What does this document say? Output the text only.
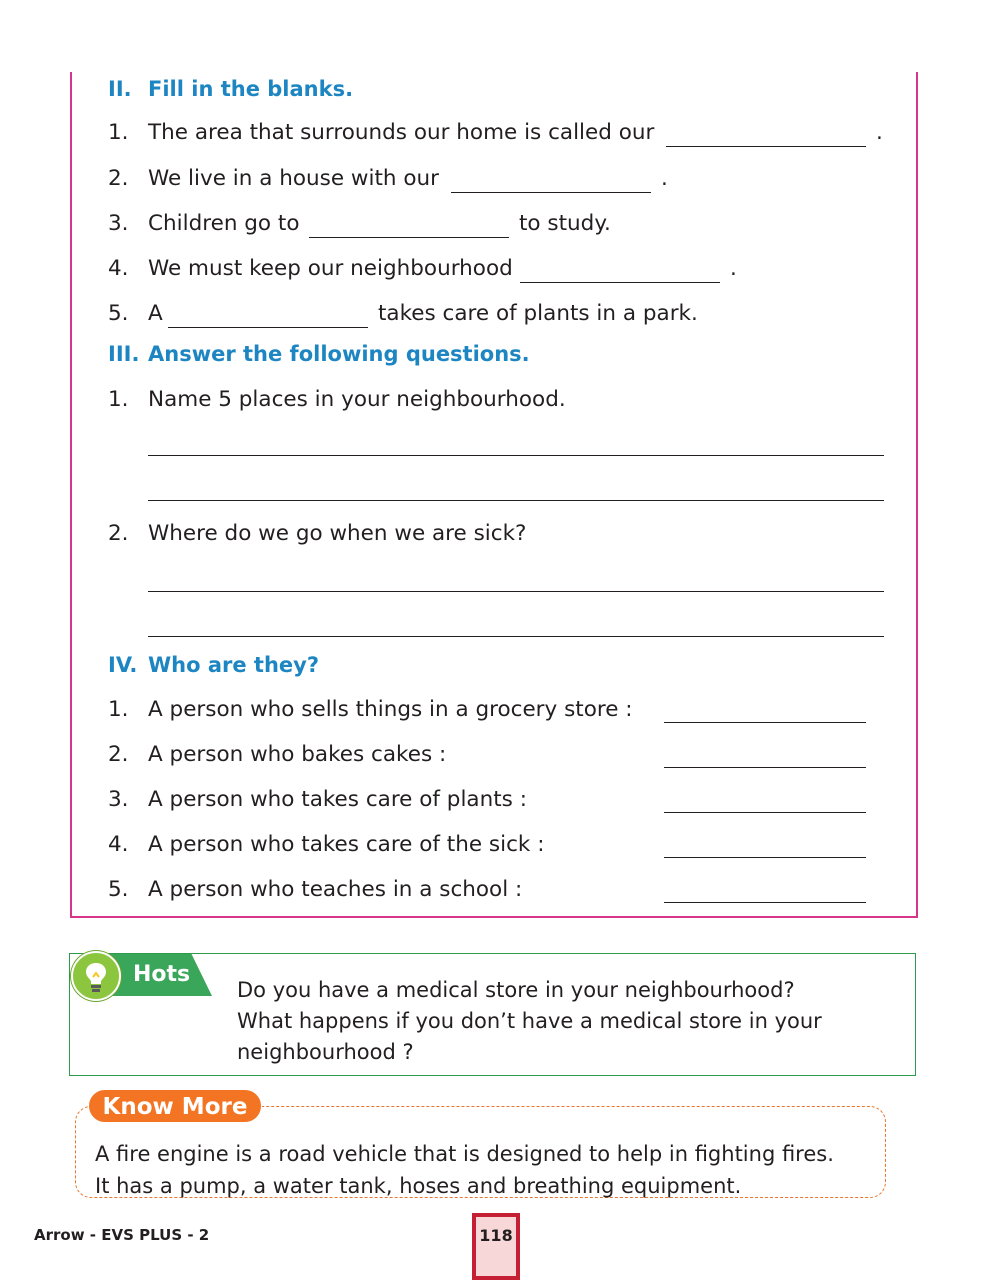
II. Fill in the blanks.
1. The area that surrounds our home is called our	.
2. We live in a house with our	.
3. Children go to	to study.
4. We must keep our neighbourhood	.
5. A	takes care of plants in a park.
III. Answer the following questions.
1. Name 5 places in your neighbourhood.
2. Where do we go when we are sick?
IV. Who are they?
1. A person who sells things in a grocery store :
2. A person who bakes cakes :
3. A person who takes care of plants :
4. A person who takes care of the sick :
5. A person who teaches in a school :
Hots
Do you have a medical store in your neighbourhood?
What happens if you don’t have a medical store in your
neighbourhood ?
Know More
A fire engine is a road vehicle that is designed to help in fighting fires.
It has a pump, a water tank, hoses and breathing equipment.
Arrow - EVS PLUS - 2	118
